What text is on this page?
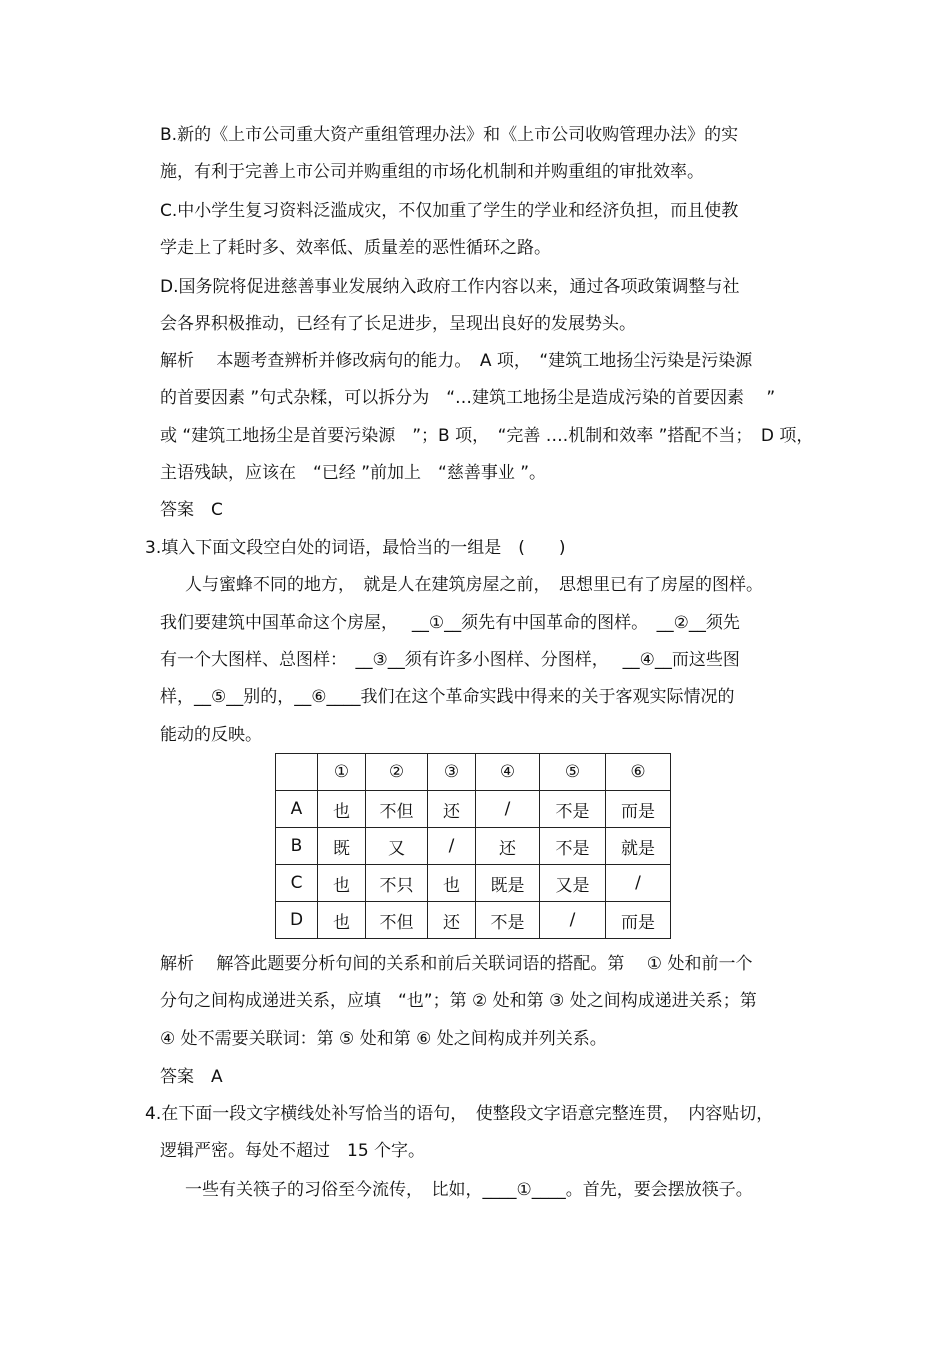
B.新的《上市公司重大资产重组管理办法》和《上市公司收购管理办法》的实
施，有利于完善上市公司并购重组的市场化机制和并购重组的审批效率。
C.中小学生复习资料泛滥成灾，不仅加重了学生的学业和经济负担，而且使教
学走上了耗时多、效率低、质量差的恶性循环之路。
D.国务院将促进慈善事业发展纳入政府工作内容以来，通过各项政策调整与社
会各界积极推动，已经有了长足进步，呈现出良好的发展势头。
解析　 本题考查辨析并修改病句的能力。　A 项，　“建筑工地扬尘污染是污染源
的首要因素 ”句式杂糅，可以拆分为　“…建筑工地扬尘是造成污染的首要因素　 ”
或 “建筑工地扬尘是首要污染源　”；B 项，　“完善 ….机制和效率 ”搭配不当；　D 项，
主语残缺，应该在　“已经 ”前加上　“慈善事业 ”。
答案　C
3.填入下面文段空白处的词语，最恰当的一组是　(　　)
人与蜜蜂不同的地方，　就是人在建筑房屋之前，　思想里已有了房屋的图样。
我们要建筑中国革命这个房屋，　 __①__须先有中国革命的图样。　__②__须先
有一个大图样、总图样：　__③__须有许多小图样、分图样，　 __④__而这些图
样，__⑤__别的，__⑥____我们在这个革命实践中得来的关于客观实际情况的
能动的反映。
	①	②	③	④	⑤	⑥
A	也	不但	还	/	不是	而是
B	既	又	/	还	不是	就是
C	也	不只	也	既是	又是	/
D	也	不但	还	不是	/	而是
解析　 解答此题要分析句间的关系和前后关联词语的搭配。第　 ① 处和前一个
分句之间构成递进关系，应填　“也”；第 ② 处和第 ③ 处之间构成递进关系；第
④ 处不需要关联词：第 ⑤ 处和第 ⑥ 处之间构成并列关系。
答案　A
4.在下面一段文字横线处补写恰当的语句，　使整段文字语意完整连贯，　内容贴切，
逻辑严密。每处不超过　15 个字。
一些有关筷子的习俗至今流传，　比如，____①____。首先，要会摆放筷子。
